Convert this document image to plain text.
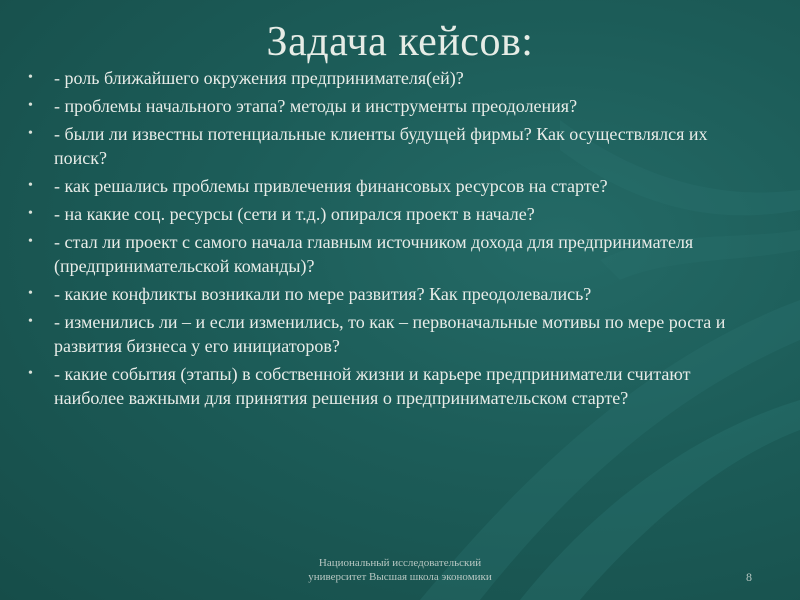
Задача кейсов:
• - роль ближайшего окружения предпринимателя(ей)?
• - проблемы начального этапа? методы и инструменты преодоления?
• - были ли известны потенциальные клиенты будущей фирмы? Как осуществлялся их поиск?
• - как решались проблемы привлечения финансовых ресурсов на старте?
• - на какие соц. ресурсы (сети и т.д.) опирался проект в начале?
• - стал ли проект с самого начала главным источником дохода для предпринимателя (предпринимательской команды)?
• - какие конфликты возникали по мере развития? Как преодолевались?
• - изменились ли – и если изменились, то как – первоначальные мотивы по мере роста и развития бизнеса у его инициаторов?
• - какие события (этапы) в собственной жизни и карьере предприниматели считают наиболее важными для принятия решения о предпринимательском старте?
Национальный исследовательский
университет Высшая школа экономики	8
